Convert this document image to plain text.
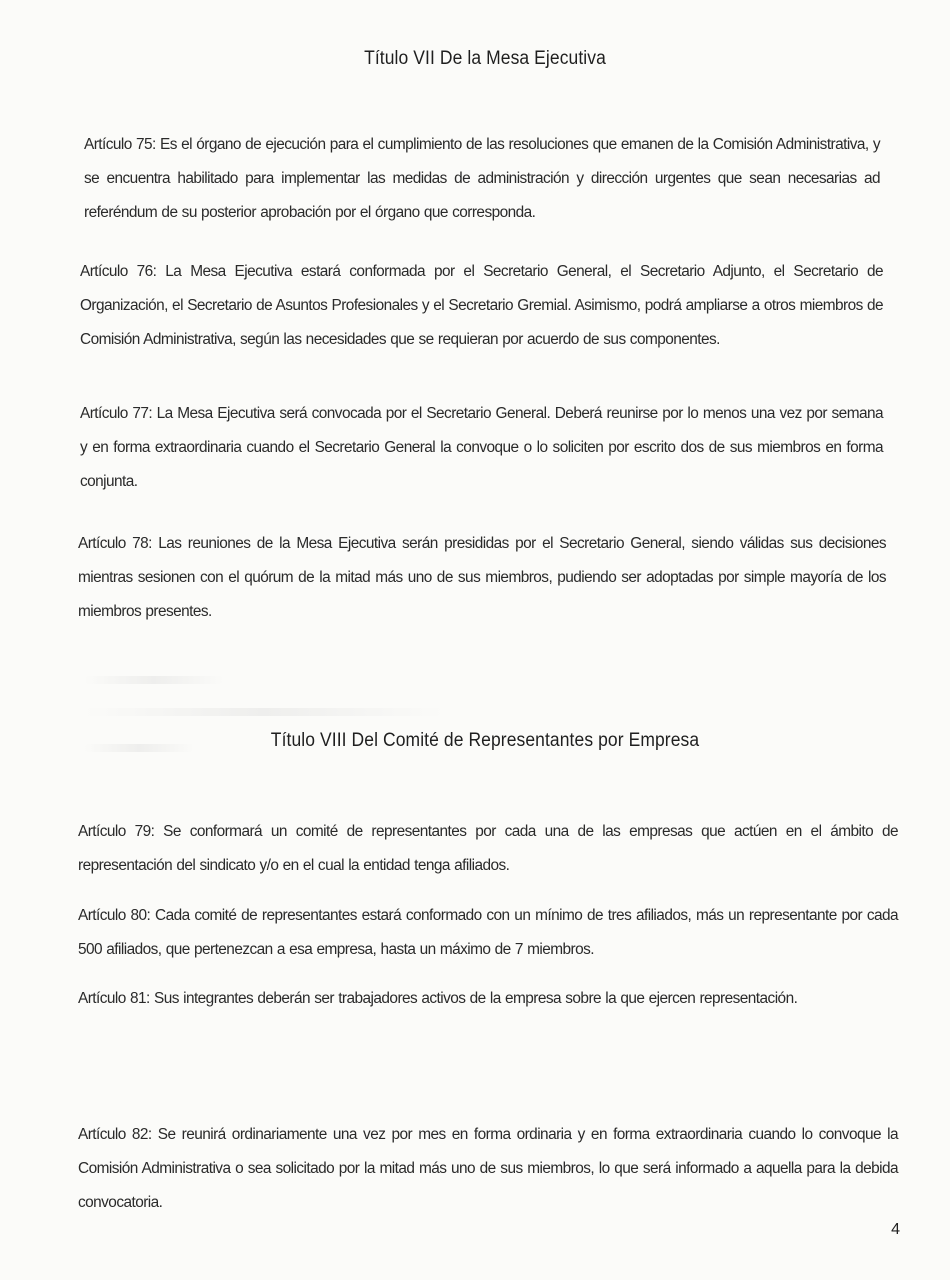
Título VII De la Mesa Ejecutiva

Artículo 75: Es el órgano de ejecución para el cumplimiento de las resoluciones que emanen de la Comisión Administrativa, y se encuentra habilitado para implementar las medidas de administración y dirección urgentes que sean necesarias ad referéndum de su posterior aprobación por el órgano que corresponda.

Artículo 76: La Mesa Ejecutiva estará conformada por el Secretario General, el Secretario Adjunto, el Secretario de Organización, el Secretario de Asuntos Profesionales y el Secretario Gremial. Asimismo, podrá ampliarse a otros miembros de Comisión Administrativa, según las necesidades que se requieran por acuerdo de sus componentes.

Artículo 77: La Mesa Ejecutiva será convocada por el Secretario General. Deberá reunirse por lo menos una vez por semana y en forma extraordinaria cuando el Secretario General la convoque o lo soliciten por escrito dos de sus miembros en forma conjunta.

Artículo 78: Las reuniones de la Mesa Ejecutiva serán presididas por el Secretario General, siendo válidas sus decisiones mientras sesionen con el quórum de la mitad más uno de sus miembros, pudiendo ser adoptadas por simple mayoría de los miembros presentes.

Título VIII Del Comité de Representantes por Empresa

Artículo 79: Se conformará un comité de representantes por cada una de las empresas que actúen en el ámbito de representación del sindicato y/o en el cual la entidad tenga afiliados.

Artículo 80: Cada comité de representantes estará conformado con un mínimo de tres afiliados, más un representante por cada 500 afiliados, que pertenezcan a esa empresa, hasta un máximo de 7 miembros.

Artículo 81: Sus integrantes deberán ser trabajadores activos de la empresa sobre la que ejercen representación.

Artículo 82: Se reunirá ordinariamente una vez por mes en forma ordinaria y en forma extraordinaria cuando lo convoque la Comisión Administrativa o sea solicitado por la mitad más uno de sus miembros, lo que será informado a aquella para la debida convocatoria.

4
